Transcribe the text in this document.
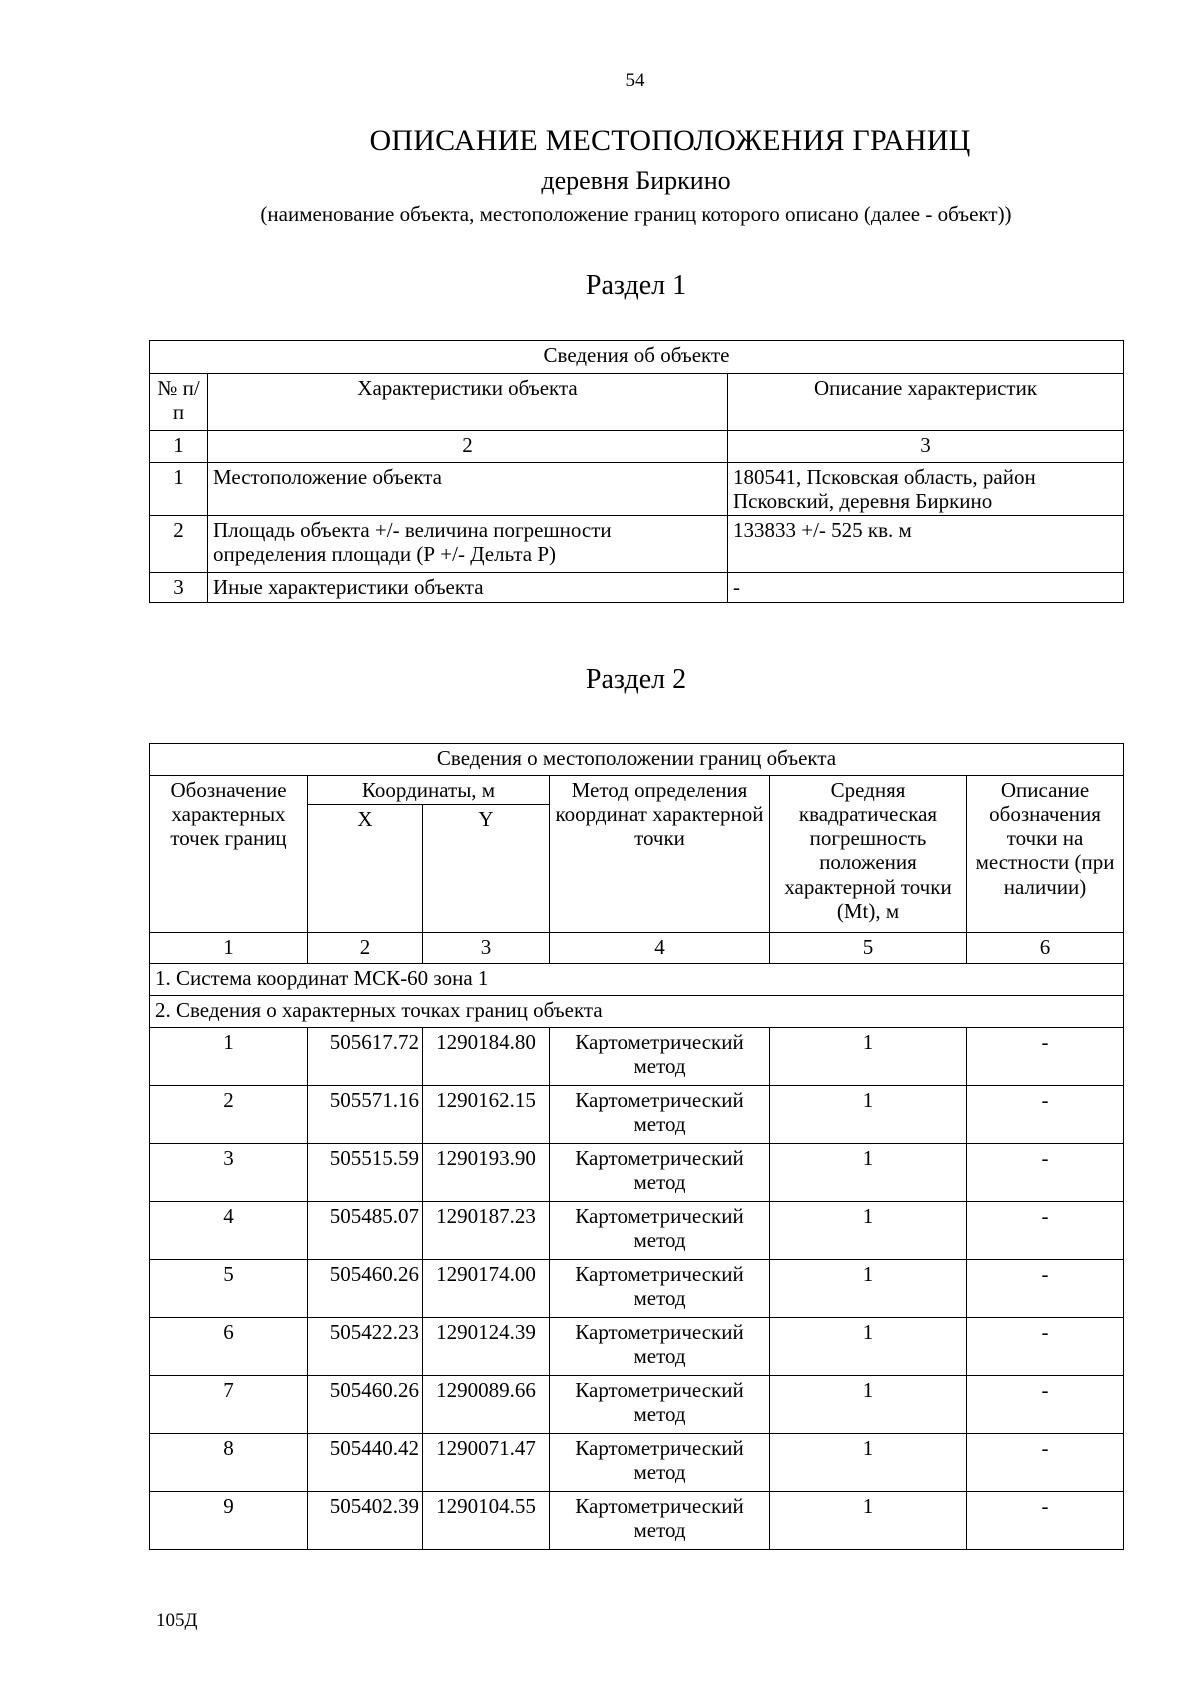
54
ОПИСАНИЕ МЕСТОПОЛОЖЕНИЯ ГРАНИЦ
деревня Биркино
(наименование объекта, местоположение границ которого описано (далее - объект))
Раздел 1
Сведения об объекте		
№ п/п	Характеристики объекта	Описание характеристик
1	2	3
1	Местоположение объекта	180541, Псковская область, район Псковский, деревня Биркино
2	Площадь объекта +/- величина погрешности определения площади (Р +/- Дельта Р)	133833 +/- 525 кв. м
3	Иные характеристики объекта	-
Раздел 2
Сведения о местоположении границ объекта					
Обозначение характерных точек границ	Координаты, м		Метод определения координат характерной точки	Средняя квадратическая погрешность положения характерной точки (Mt), м	Описание обозначения точки на местности (при наличии)
	X	Y			
1	2	3	4	5	6
1. Система координат МСК-60 зона 1					
2. Сведения о характерных точках границ объекта					
1	505617.72	1290184.80	Картометрический метод	1	-
2	505571.16	1290162.15	Картометрический метод	1	-
3	505515.59	1290193.90	Картометрический метод	1	-
4	505485.07	1290187.23	Картометрический метод	1	-
5	505460.26	1290174.00	Картометрический метод	1	-
6	505422.23	1290124.39	Картометрический метод	1	-
7	505460.26	1290089.66	Картометрический метод	1	-
8	505440.42	1290071.47	Картометрический метод	1	-
9	505402.39	1290104.55	Картометрический метод	1	-
105Д
